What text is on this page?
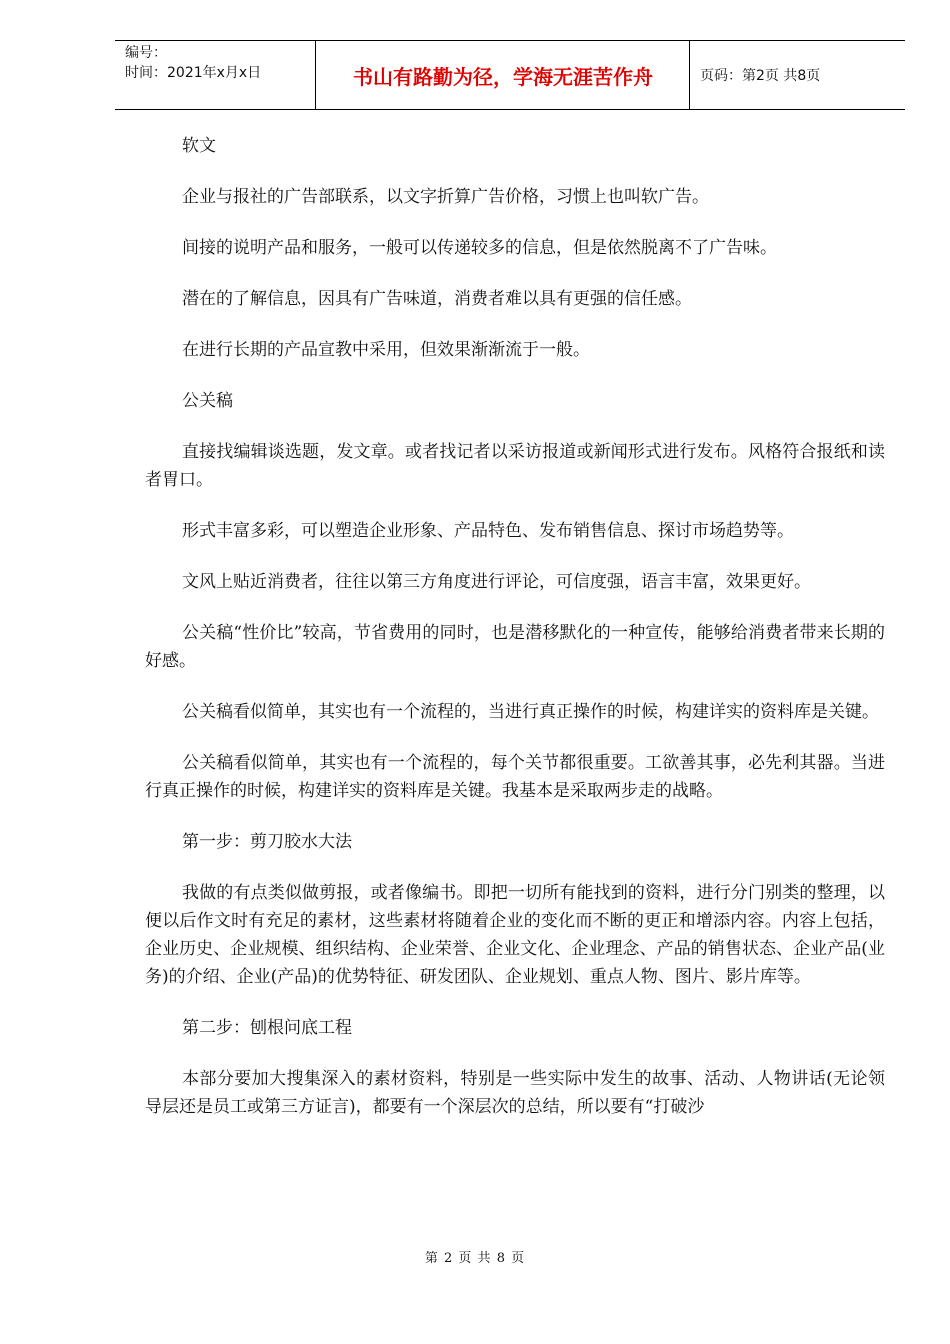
编号：
时间：2021年x月x日	书山有路勤为径，学海无涯苦作舟	页码：第2页 共8页

软文

企业与报社的广告部联系，以文字折算广告价格，习惯上也叫软广告。

间接的说明产品和服务，一般可以传递较多的信息，但是依然脱离不了广告味。

潜在的了解信息，因具有广告味道，消费者难以具有更强的信任感。

在进行长期的产品宣教中采用，但效果渐渐流于一般。

公关稿

直接找编辑谈选题，发文章。或者找记者以采访报道或新闻形式进行发布。风格符合报纸和读者胃口。

形式丰富多彩，可以塑造企业形象、产品特色、发布销售信息、探讨市场趋势等。

文风上贴近消费者，往往以第三方角度进行评论，可信度强，语言丰富，效果更好。

公关稿“性价比”较高，节省费用的同时，也是潜移默化的一种宣传，能够给消费者带来长期的好感。

公关稿看似简单，其实也有一个流程的，当进行真正操作的时候，构建详实的资料库是关键。

公关稿看似简单，其实也有一个流程的，每个关节都很重要。工欲善其事，必先利其器。当进行真正操作的时候，构建详实的资料库是关键。我基本是采取两步走的战略。

第一步：剪刀胶水大法

我做的有点类似做剪报，或者像编书。即把一切所有能找到的资料，进行分门别类的整理，以便以后作文时有充足的素材，这些素材将随着企业的变化而不断的更正和增添内容。内容上包括，企业历史、企业规模、组织结构、企业荣誉、企业文化、企业理念、产品的销售状态、企业产品(业务)的介绍、企业(产品)的优势特征、研发团队、企业规划、重点人物、图片、影片库等。

第二步：刨根问底工程

本部分要加大搜集深入的素材资料，特别是一些实际中发生的故事、活动、人物讲话(无论领导层还是员工或第三方证言)，都要有一个深层次的总结，所以要有“打破沙

第 2 页 共 8 页
